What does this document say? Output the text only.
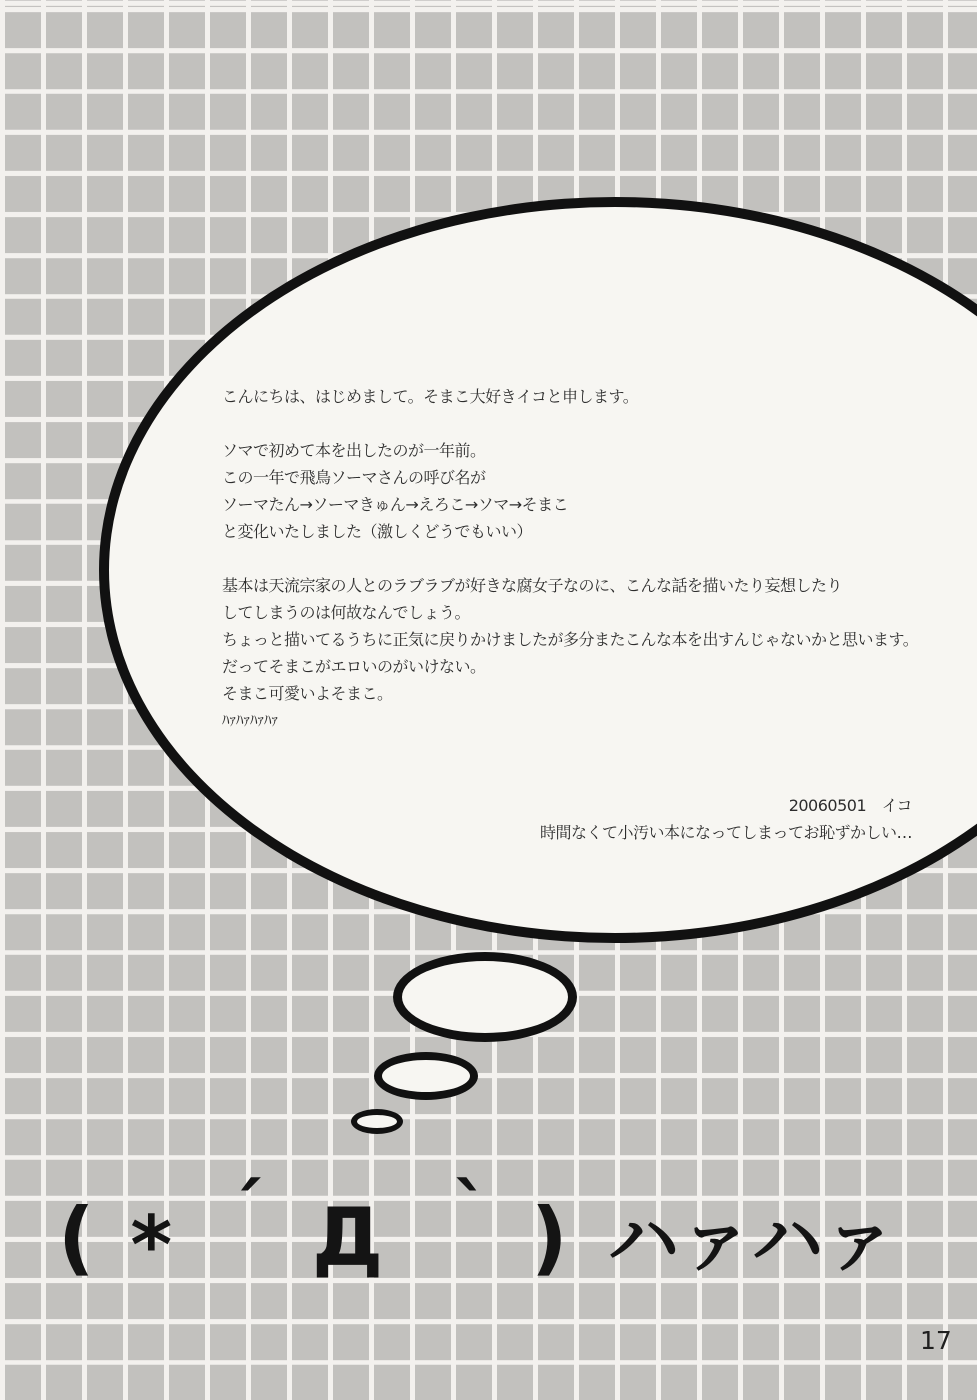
こんにちは、はじめまして。そまこ大好きイコと申します。
ソマで初めて本を出したのが一年前。
この一年で飛鳥ソーマさんの呼び名が
ソーマたん→ソーマきゅん→えろこ→ソマ→そまこ
と変化いたしました（激しくどうでもいい）
基本は天流宗家の人とのラブラブが好きな腐女子なのに、こんな話を描いたり妄想したり
してしまうのは何故なんでしょう。
ちょっと描いてるうちに正気に戻りかけましたが多分またこんな本を出すんじゃないかと思います。
だってそまこがエロいのがいけない。
そまこ可愛いよそまこ。
ﾊｧﾊｧﾊｧﾊｧ
20060501　イコ
時間なくて小汚い本になってしまってお恥ずかしい…
( * ´ Д ` ) ハァハァ
17
